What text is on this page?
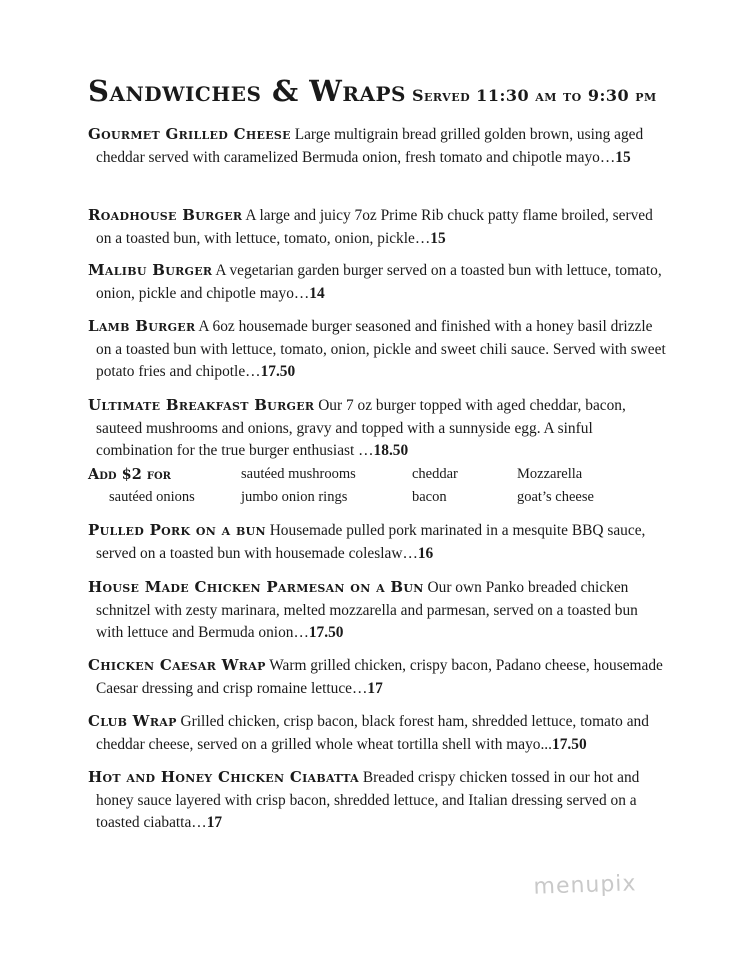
Sandwiches & Wraps Served 11:30 am to 9:30 pm
Gourmet Grilled Cheese Large multigrain bread grilled golden brown, using aged cheddar served with caramelized Bermuda onion, fresh tomato and chipotle mayo…15
Roadhouse Burger A large and juicy 7oz Prime Rib chuck patty flame broiled, served on a toasted bun, with lettuce, tomato, onion, pickle…15
Malibu Burger A vegetarian garden burger served on a toasted bun with lettuce, tomato, onion, pickle and chipotle mayo…14
Lamb Burger A 6oz housemade burger seasoned and finished with a honey basil drizzle on a toasted bun with lettuce, tomato, onion, pickle and sweet chili sauce. Served with sweet potato fries and chipotle…17.50
Ultimate Breakfast Burger Our 7 oz burger topped with aged cheddar, bacon, sauteed mushrooms and onions, gravy and topped with a sunnyside egg. A sinful combination for the true burger enthusiast …18.50
Add $2 for	sautéed mushrooms	cheddar	Mozzarella
sautéed onions	jumbo onion rings	bacon	goat’s cheese
Pulled Pork on a bun Housemade pulled pork marinated in a mesquite BBQ sauce, served on a toasted bun with housemade coleslaw…16
House Made Chicken Parmesan on a Bun Our own Panko breaded chicken schnitzel with zesty marinara, melted mozzarella and parmesan, served on a toasted bun with lettuce and Bermuda onion…17.50
Chicken Caesar Wrap Warm grilled chicken, crispy bacon, Padano cheese, housemade Caesar dressing and crisp romaine lettuce…17
Club Wrap Grilled chicken, crisp bacon, black forest ham, shredded lettuce, tomato and cheddar cheese, served on a grilled whole wheat tortilla shell with mayo...17.50
Hot and Honey Chicken Ciabatta Breaded crispy chicken tossed in our hot and honey sauce layered with crisp bacon, shredded lettuce, and Italian dressing served on a toasted ciabatta…17
menupix
